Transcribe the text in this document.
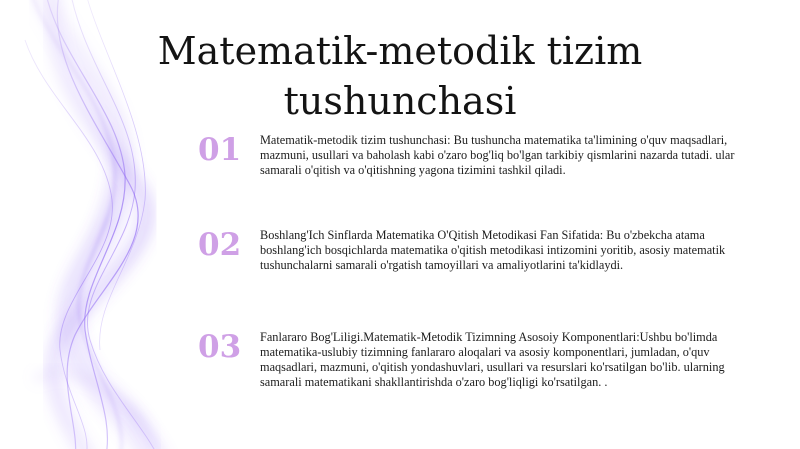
Matematik-metodik tizim tushunchasi
01	Matematik-metodik tizim tushunchasi: Bu tushuncha matematika ta'limining o'quv maqsadlari, mazmuni, usullari va baholash kabi o'zaro bog'liq bo'lgan tarkibiy qismlarini nazarda tutadi. ular samarali o'qitish va o'qitishning yagona tizimini tashkil qiladi.

02	Boshlang'Ich Sinflarda Matematika O'Qitish Metodikasi Fan Sifatida: Bu o'zbekcha atama boshlang'ich bosqichlarda matematika o'qitish metodikasi intizomini yoritib, asosiy matematik tushunchalarni samarali o'rgatish tamoyillari va amaliyotlarini ta'kidlaydi.

03	Fanlararo Bog'Liligi.Matematik-Metodik Tizimning Asosoiy Komponentlari:Ushbu bo'limda matematika-uslubiy tizimning fanlararo aloqalari va asosiy komponentlari, jumladan, o'quv maqsadlari, mazmuni, o'qitish yondashuvlari, usullari va resurslari ko'rsatilgan bo'lib. ularning samarali matematikani shakllantirishda o'zaro bog'liqligi ko'rsatilgan. .
